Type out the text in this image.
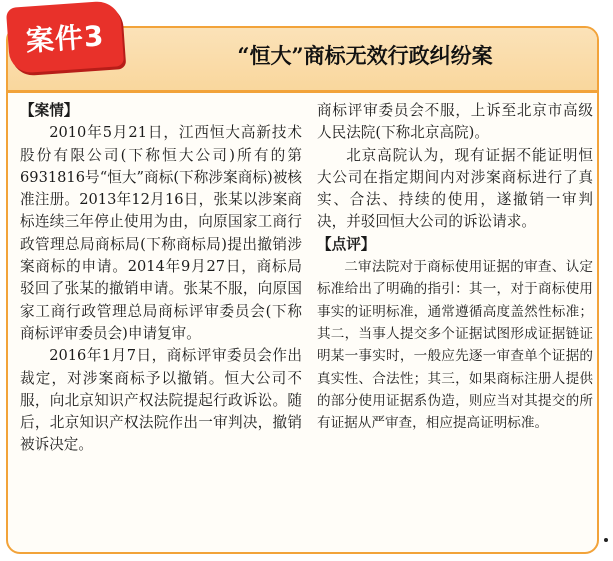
案件3	“恒大”商标无效行政纠纷案
【案情】

2010年5月21日，江西恒大高新技术股份有限公司(下称恒大公司)所有的第6931816号“恒大”商标(下称涉案商标)被核准注册。2013年12月16日，张某以涉案商标连续三年停止使用为由，向原国家工商行政管理总局商标局(下称商标局)提出撤销涉案商标的申请。2014年9月27日，商标局驳回了张某的撤销申请。张某不服，向原国家工商行政管理总局商标评审委员会(下称商标评审委员会)申请复审。

2016年1月7日，商标评审委员会作出裁定，对涉案商标予以撤销。恒大公司不服，向北京知识产权法院提起行政诉讼。随后，北京知识产权法院作出一审判决，撤销被诉决定。

商标评审委员会不服，上诉至北京市高级人民法院(下称北京高院)。

北京高院认为，现有证据不能证明恒大公司在指定期间内对涉案商标进行了真实、合法、持续的使用，遂撤销一审判决，并驳回恒大公司的诉讼请求。

【点评】

二审法院对于商标使用证据的审查、认定标准给出了明确的指引：其一，对于商标使用事实的证明标准，通常遵循高度盖然性标准；其二，当事人提交多个证据试图形成证据链证明某一事实时，一般应先逐一审查单个证据的真实性、合法性；其三，如果商标注册人提供的部分使用证据系伪造，则应当对其提交的所有证据从严审查，相应提高证明标准。
